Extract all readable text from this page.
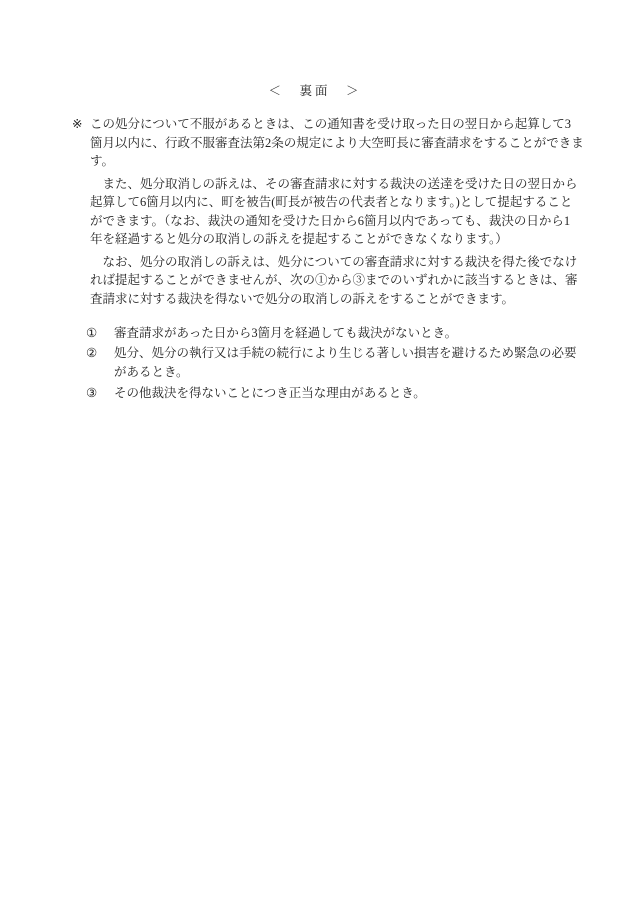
＜　裏面　＞
※ この処分について不服があるときは、この通知書を受け取った日の翌日から起算して3
箇月以内に、行政不服審査法第2条の規定により大空町長に審査請求をすることができま
す。
また、処分取消しの訴えは、その審査請求に対する裁決の送達を受けた日の翌日から
起算して6箇月以内に、町を被告(町長が被告の代表者となります。)として提起すること
ができます。（なお、裁決の通知を受けた日から6箇月以内であっても、裁決の日から1
年を経過すると処分の取消しの訴えを提起することができなくなります。）
なお、処分の取消しの訴えは、処分についての審査請求に対する裁決を得た後でなけ
れば提起することができませんが、次の①から③までのいずれかに該当するときは、審
査請求に対する裁決を得ないで処分の取消しの訴えをすることができます。
①	審査請求があった日から3箇月を経過しても裁決がないとき。
②	処分、処分の執行又は手続の続行により生じる著しい損害を避けるため緊急の必要
があるとき。
③	その他裁決を得ないことにつき正当な理由があるとき。
